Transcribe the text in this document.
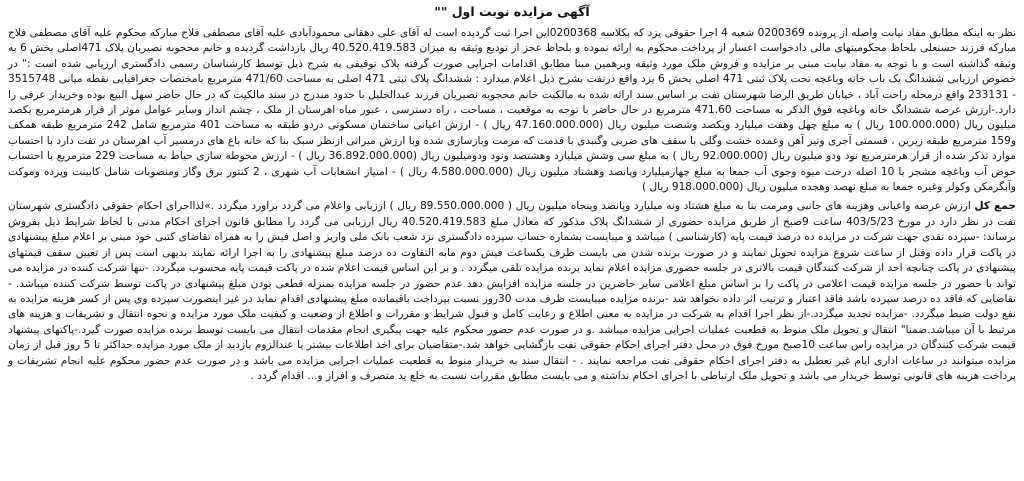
آگهی مزایده نوبت اول ""

نظر به اینکه مطابق مفاد نیابت واصله از پرونده 0200369 شعبه 4 اجرا حقوقی یزد که بکلاسه 0200368این اجرا ثبت گردیده است له آقای علی دهقانی محمودآبادی علیه آقای مصطفی فلاح مبارکه محکوم علیه آقای مصطفی فلاح مبارکه فرزند حسنعلی بلحاظ محکومیتهای مالی دادخواست اعسار از پرداخت محکوم به ارائه نموده و بلحاظ عجز از تودیع وثیقه به میزان 40.520.419.583 ریال بازداشت گردیده و خانم محجوبه نصیریان پلاک 471اصلی بخش 6 به وثیقه گذاشته است و با توجه به مفاد نیابت مبنی بر مزایده و فروش ملک مورد وثیقه وبرهمین مبنا مطابق اقدامات اجرایی صورت گرفته پلاک توقیفی به شرح ذیل توسط کارشناسان رسمی دادگستری ارزیابی شده است :" در خصوص ارزیابی ششدانگ یک باب خانه وباغچه تحت پلاک ثبتی 471 اصلی بخش 6 یزد واقع درتفت بشرح ذیل اعلام میدارد : ششدانگ پلاک ثبتی 471 اصلی به مساحت 471/60 مترمربع بامختصات جغرافیایی نقطه میانی 3515748 - 233131 واقع درمحله راحت آباد ، خیابان طریق الرضا شهرستان تفت بر اساس سند ارائه شده به مالکیت خانم محجوبه نصیریان فرزند عبدالخلیل با حدود مندرج در سند مالکیت که در حال حاضر سهل البیع بوده وخریدار عرفی را دارد.-ارزش عرصه ششدانگ خانه وباغچه فوق الذکر به مساحت 471.60 مترمربع در حال حاضر با توجه به موقعیت ، مساحت ، راه دسترسی ، عبور میاه اهرستان از ملک ، چشم انداز وسایر عوامل موثر از قرار هرمترمربع یکصد میلیون ریال (100.000.000 ریال ) به مبلغ چهل وهفت میلیارد ویکصد وشصت میلیون ریال (47.160.000.000 ریال ) - ارزش اعیانی ساختمان مسکونی دردو طبقه به مساحت 401 مترمربع شامل 242 مترمربع طبقه همکف و159 مترمربع طبقه زیرین ، قسمتی آجری وتیر آهن وعمده خشت وگلی با سقف های ضربی وگنبدی با قدمت که مرمت وبازسازی شده وبا ارزش میراثی ازنظر سبک بنا که خانه باغ های درمسیر آب اهرستان در تفت دارد با احتساب موارد تذکر شده از قرار هرمترمربع نود ودو میلیون ریال (92.000.000 ریال ) به مبلغ سی وشش میلیارد وهشتصد ونود ودومیلیون ریال (36.892.000.000 ریال ) - ارزش محوطه سازی حیاط به مساحت 229 مترمربع با احتساب حوض آب وباغچه مشجر با 10 اصله درخت میوه وجوی آب جمعا به مبلغ چهارمیلیارد وپانصد وهشتاد میلیون ریال (4.580.000.000 ریال ) - امتیاز انشعابات آب شهری ، 2 کنتور برق وگاز ومنصوبات شامل کابینت وپرده وموکت وآبگرمکن وکولر وغیره جمعا به مبلغ نهصد وهجده میلیون ریال (918.000.000 ریال )

جمع کل ارزش عرصه واعیانی وهزینه های جانبی ومرمت بنا به مبلغ هشتاد ونه میلیارد وپانصد وپنجاه میلیون ریال ( 89.550.000.000 ریال ) ارزیابی واعلام می گردد براورد میگردد .»لذااجرای احکام حقوقی دادگستری شهرستان تفت در نظر دارد در مورخ 403/5/23 ساعت 9صبح از طریق مزایده حضوری از ششدانگ پلاک مذکور که معادل مبلغ 40.520.419.583 ریال ارزیابی می گردد را مطابق قانون اجرای احکام مدنی با لحاظ شرایط ذیل بفروش برساند: -سپرده نقدی جهت شرکت در مزایده ده درصد قیمت پایه (کارشناسی ) میباشد و میبایست بشماره حساب سپرده دادگستری نزد شعب بانک ملی واریز و اصل فیش را به همراه تقاضای کتبی خود مبنی بر اعلام مبلغ پیشنهادی در پاکت قرار داده وقبل از ساعت شروع مزایده تحویل نمایند و در صورت برنده شدن می بایست ظرف یکساعت فیش دوم مابه التفاوت ده درصد مبلغ پیشنهادی را به اجرا ارائه نمایند بدیهی است پس از تعیین سقف قیمتهای پیشنهادی در پاکت چنانچه احد از شرکت کنندگان قیمت بالاتری در جلسه حضوری مزایده اعلام نماید برنده مزایده تلقی میگردد . و بر این اساس قیمت اعلام شده در پاکت قیمت پایه محسوب میگردد. -تنها شرکت کننده در مزایده می تواند با حضور در جلسه مزایده قیمت اعلامی در پاکت را بر اساس مبلغ اعلامی سایر حاضرین در جلسه مزایده افزایش دهد عدم حضور در جلسه مزایده بمنزله قطعی بودن مبلغ پیشنهادی در پاکت توسط شرکت کننده میباشد. - تقاضایی که فاقد ده درصد سپرده باشد فاقد اعتبار و ترتیب اثر داده نخواهد شد -برنده مزایده میبایست ظرف مدت 30روز نسبت بپرداخت باقیمانده مبلغ پیشنهادی اقدام نماید در غیر اینصورت سپرده وی پس از کسر هزینه مزایده به نفع دولت ضبط میگردد. -مزایده تجدید میگردد.-از نظر اجرا اقدام به شرکت در مزایده به معنی اطلاع و رعایت کامل و قبول شرایط و مقررات و اطلاع از وضعیت و کیفیت ملک مورد مزایده و نحوه انتقال و تشریفات و هزینه های مرتبط با آن میباشد.ضمنا" انتقال و تحویل ملک منوط به قطعیت عملیات اجرایی مزایده میباشد .و در صورت عدم حضور محکوم علیه جهت پیگیری انجام مقدمات انتقال می بایست توسط برنده مزایده صورت گیرد.-پاکتهای پیشنهاد قیمت شرکت کنندگان در مزایده راس ساعت 10صبح مورخ فوق در محل دفتر اجرای احکام حقوقی تفت بازگشایی خواهد شد.-متقاضیان برای اخذ اطلاعات بیشتر یا عندالزوم بازدید از ملک مورد مزایده حداکثر تا 5 روز قبل از زمان مزایده میتوانند در ساعات اداری ایام غیر تعطیل به دفتر اجرای احکام حقوقی تفت مراجعه نمایند . - انتقال سند به خریدار منوط به قطعیت عملیات اجرایی مزایده می باشد و در صورت عدم حضور محکوم علیه انجام تشریفات و پرداخت هزینه های قانونی توسط خریدار می باشد و تحویل ملک ارتباطی با اجرای احکام نداشته و می بایست مطابق مقررات نسبت به خلع ید متصرف و افراز و... اقدام گردد .
